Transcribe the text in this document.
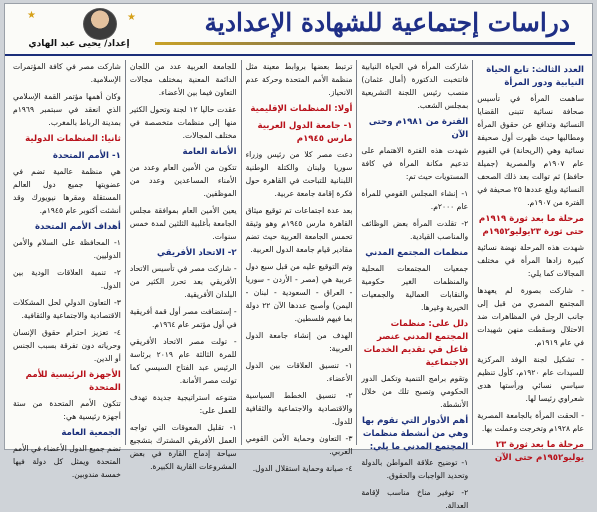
دراسات إجتماعية للشهادة الإعدادية
★	★
إعداد/ يحيى عبد الهادي
العدد الثالث: تابع الحياة النيابية ودور المرأة

ساهمت المرأة في تأسيس صحافة نسائية تتبنى القضايا النسائية وتدافع عن حقوق المرأة ومطالبها حيث ظهرت أول صحيفة نسائية وهي (الريحانة) في الفيوم عام ١٩٠٧م والمصرية (جميلة حافظ) ثم توالت بعد ذلك الصحف النسائية وبلغ عددها ٢٥ صحيفة في الفترة من ١٩٠٧م.

مرحلة ما بعد ثورة ١٩١٩م حتى ثورة ٢٣يوليو١٩٥٢م

شهدت هذه المرحلة نهضة نسائية كبيرة زادها المرأة في مختلف المجالات كما يلي:

- شاركت بصورة لم يعهدها المجتمع المصري من قبل إلى جانب الرجل في المظاهرات ضد الاحتلال وسقطت منهن شهيدات في عام ١٩١٩م.

- تشكيل لجنة الوفد المركزية للسيدات عام ١٩٢٠م، كأول تنظيم سياسي نسائي ورأستها هدى شعراوي رئيسا لها.

- الحقت المرأة بالجامعة المصرية عام ١٩٢٨م وتخرجت وعملت بها.

مرحلة ما بعد ثورة ٢٣ يوليو١٩٥٢م حتى الآن

شاركت المرأة في الحياة النيابية فانتخبت الدكتورة (أمال عثمان) منصب رئيس اللجنة التشريعية بمجلس الشعب.

الفترة من ١٩٨١م وحتى الآن

شهدت هذه الفترة الاهتمام على تدعيم مكانة المرأة في كافة المستويات حيث تم:

١- إنشاء المجلس القومي للمرأة عام ٢٠٠٠م.

٢- تقلدت المرأة بعض الوظائف والمناصب القيادية.

منظمات المجتمع المدني

جمعيات المجتمعات المحلية والمنظمات الغير حكومية والنقابات العمالية والجمعيات الخيرية وغيرها.

دلل على: منظمات المجتمع المدني عنصر فاعل في تقديم الخدمات الاجتماعية

وتقوم برامج التنمية وتكمل الدور الحكومي وتصبح تلك من خلال الأنشطة.

أهم الأدوار التي تقوم بها وهي من أنشطة منظمات المجتمع المدني ما يلي:

١- توضيح علاقة المواطن بالدولة وتحديد الواجبات والحقوق.

٢- توفير مناخ مناسب لإقامة العدالة.

ترتبط بعضها بروابط معينة مثل منظمة الأمم المتحدة وحركة عدم الانحياز.

أولا: المنظمات الإقليمية
١- جامعة الدول العربية مارس ١٩٤٥م

دعت مصر كلا من رئيس وزراء سوريا ولبنان والكتلة الوطنية اللبنانية للتباحث في القاهرة حول فكرة إقامة جامعة عربية.

بعد عدة اجتماعات تم توقيع ميثاق القاهرة مارس ١٩٤٥م وهو وثيقة تحمس الجامعة العربية حيث تضم مقادير قيام جامعة الدول العربية.

وتم التوقيع عليه من قبل سبع دول عربية هي (مصر - الأردن - سوريا - العراق - السعودية - لبنان - اليمن) وأصبح عددها الآن ٢٢ دولة بما فيهم فلسطين.

الهدف من إنشاء جامعة الدول العربية:

١- تنسيق العلاقات بين الدول الأعضاء.

٢- تنسيق الخطط السياسية والاقتصادية والاجتماعية والثقافية للدول.

٣- التعاون وحماية الأمن القومي العربي.

٤- صيانة وحماية استقلال الدول.

للجامعة العربية عدد من اللجان الدائمة المعنية بمختلف مجالات التعاون فيما بين الأعضاء.

عقدت حاليا ١٢ لجنة وتحول الكثير منها إلى منظمات متخصصة في مختلف المجالات.

الأمانة العامة

تتكون من الأمين العام وعدد من الأمناء المساعدين وعدد من الموظفين.

يعين الأمين العام بموافقة مجلس الجامعة بأغلبية الثلثين لمدة خمس سنوات.

٢- الاتحاد الأفريقي

- شاركت مصر في تأسيس الاتحاد الأفريقي بعد تحرر الكثير من البلدان الأفريقية.

- إستضافت مصر أول قمة أفريقية في أول مؤتمر عام ١٩٦٤م.

- تولت مصر الاتحاد الأفريقي للمرة الثالثة عام ٢٠١٩ برئاسة الرئيس عبد الفتاح السيسي كما تولت مصر الأمانة.

متنوعه استراتيجية جديدة تهدف للعمل على:

١- تقليل المعوقات التي تواجه العمل الأفريقي المشترك بتشجيع سياحة إدماج القارة في بعض المشروعات القارية الكبيرة.

شاركت مصر في كافة المؤتمرات الإسلامية.

وكان أهمها مؤتمر القمة الإسلامي الذي انعقد في سبتمبر ١٩٦٩م بمدينة الرباط بالمغرب.

ثانيا: المنظمات الدولية
١- الأمم المتحدة

هي منظمة عالمية تضم في عضويتها جميع دول العالم المستقلة ومقرها نيويورك وقد أنشئت أكتوبر عام ١٩٤٥م.

أهداف الأمم المتحدة

١- المحافظة على السلام والأمن الدوليين.

٢- تنمية العلاقات الودية بين الدول.

٣- التعاون الدولي لحل المشكلات الاقتصادية والاجتماعية والثقافية.

٤- تعزيز احترام حقوق الإنسان وحرياته دون تفرقة بسبب الجنس أو الدين.

الأجهزة الرئيسية للأمم المتحدة

تتكون الأمم المتحدة من ستة أجهزة رئيسية هي:

الجمعية العامة

تضم جميع الدول الأعضاء في الأمم المتحدة ويمثل كل دولة فيها خمسة مندوبين.
